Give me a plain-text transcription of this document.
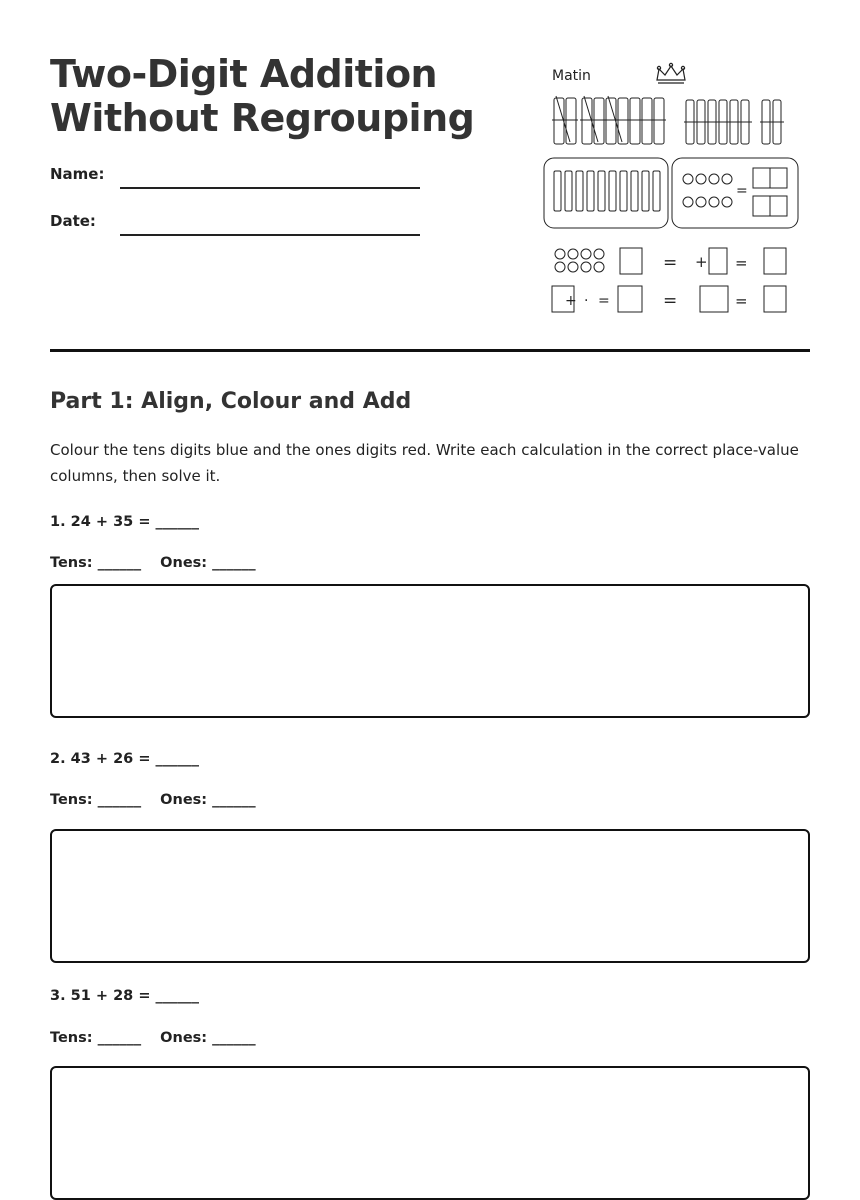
Two-Digit Addition
Without Regrouping
Name:
Date:
Matin
=
= + =
+ · =	=	=
Part 1: Align, Colour and Add

Colour the tens digits blue and the ones digits red. Write each calculation in the correct place-value columns, then solve it.

1. 24 + 35 = ______
Tens: ______ Ones: ______
2. 43 + 26 = ______
Tens: ______ Ones: ______
3. 51 + 28 = ______
Tens: ______ Ones: ______
